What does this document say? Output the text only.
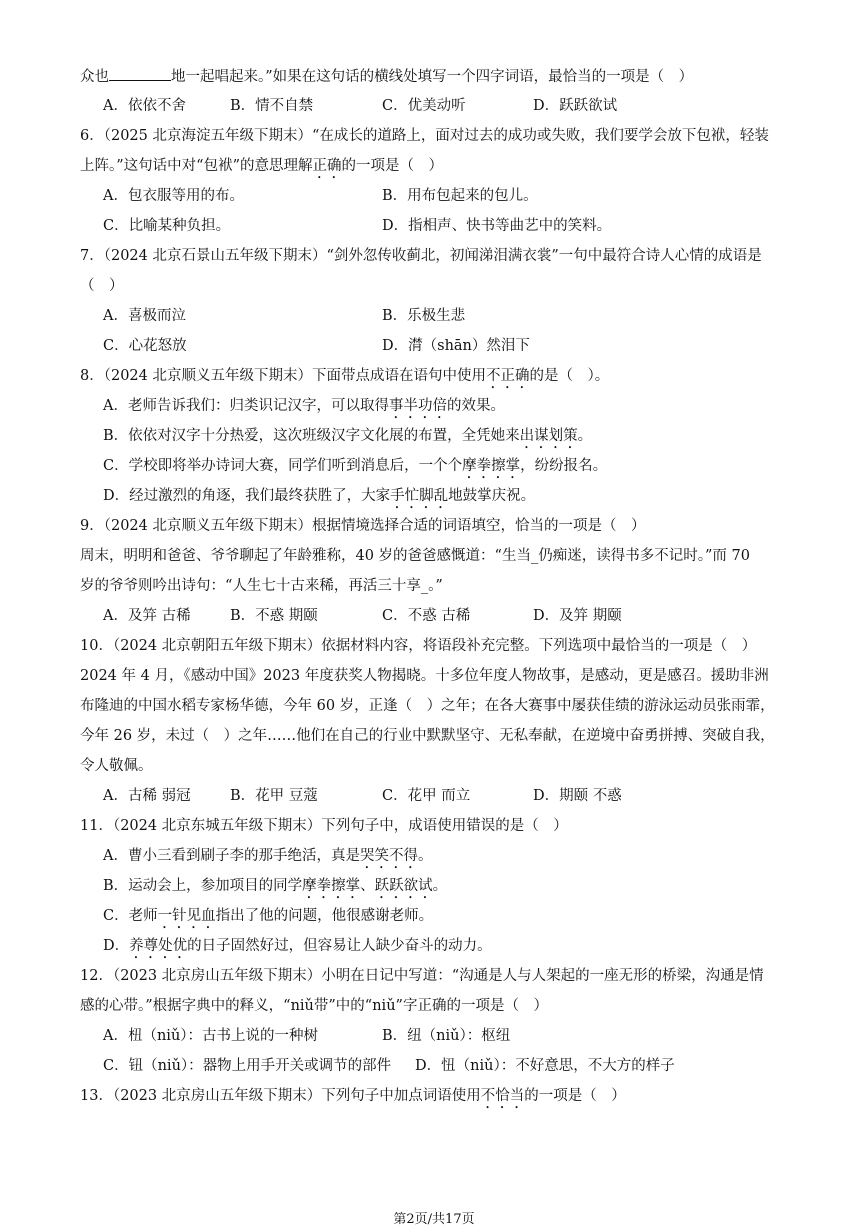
众也	地一起唱起来。”如果在这句话的横线处填写一个四字词语，最恰当的一项是（　）
A．依依不舍	B．情不自禁	C．优美动听	D．跃跃欲试
6．（2025 北京海淀五年级下期末）“在成长的道路上，面对过去的成功或失败，我们要学会放下包袱，轻装
上阵。”这句话中对“包袱”的意思理解正确的一项是（　）
A．包衣服等用的布。	B．用布包起来的包儿。
C．比喻某种负担。	D．指相声、快书等曲艺中的笑料。
7．（2024 北京石景山五年级下期末）“剑外忽传收蓟北，初闻涕泪满衣裳”一句中最符合诗人心情的成语是
（　）
A．喜极而泣	B．乐极生悲
C．心花怒放	D．潸（shān）然泪下
8．（2024 北京顺义五年级下期末）下面带点成语在语句中使用不正确的是（　）。
A．老师告诉我们：归类识记汉字，可以取得事半功倍的效果。
B．依依对汉字十分热爱，这次班级汉字文化展的布置，全凭她来出谋划策。
C．学校即将举办诗词大赛，同学们听到消息后，一个个摩拳擦掌，纷纷报名。
D．经过激烈的角逐，我们最终获胜了，大家手忙脚乱地鼓掌庆祝。
9．（2024 北京顺义五年级下期末）根据情境选择合适的词语填空，恰当的一项是（　）
周末，明明和爸爸、爷爷聊起了年龄雅称，40 岁的爸爸感慨道：“生当_仍痴迷，读得书多不记时。”而 70
岁的爷爷则吟出诗句：“人生七十古来稀，再活三十享_。”
A．及笄 古稀	B．不惑 期颐	C．不惑 古稀	D．及笄 期颐
10．（2024 北京朝阳五年级下期末）依据材料内容，将语段补充完整。下列选项中最恰当的一项是（　）
2024 年 4 月，《感动中国》2023 年度获奖人物揭晓。十多位年度人物故事，是感动，更是感召。援助非洲
布隆迪的中国水稻专家杨华德，今年 60 岁，正逢（　）之年；在各大赛事中屡获佳绩的游泳运动员张雨霏，
今年 26 岁，未过（　）之年……他们在自己的行业中默默坚守、无私奉献，在逆境中奋勇拼搏、突破自我，
令人敬佩。
A．古稀 弱冠	B．花甲 豆蔻	C．花甲 而立	D．期颐 不惑
11．（2024 北京东城五年级下期末）下列句子中，成语使用错误的是（　）
A．曹小三看到刷子李的那手绝活，真是哭笑不得。
B．运动会上，参加项目的同学摩拳擦掌、跃跃欲试。
C．老师一针见血指出了他的问题，他很感谢老师。
D．养尊处优的日子固然好过，但容易让人缺少奋斗的动力。
12．（2023 北京房山五年级下期末）小明在日记中写道：“沟通是人与人架起的一座无形的桥梁，沟通是情
感的心带。”根据字典中的释义，“niǔ带”中的“niǔ”字正确的一项是（　）
A．杻（niǔ）：古书上说的一种树	B．纽（niǔ）：枢纽
C．钮（niǔ）：器物上用手开关或调节的部件 D．忸（niǔ）：不好意思，不大方的样子
13．（2023 北京房山五年级下期末）下列句子中加点词语使用不恰当的一项是（　）
第2页/共17页
